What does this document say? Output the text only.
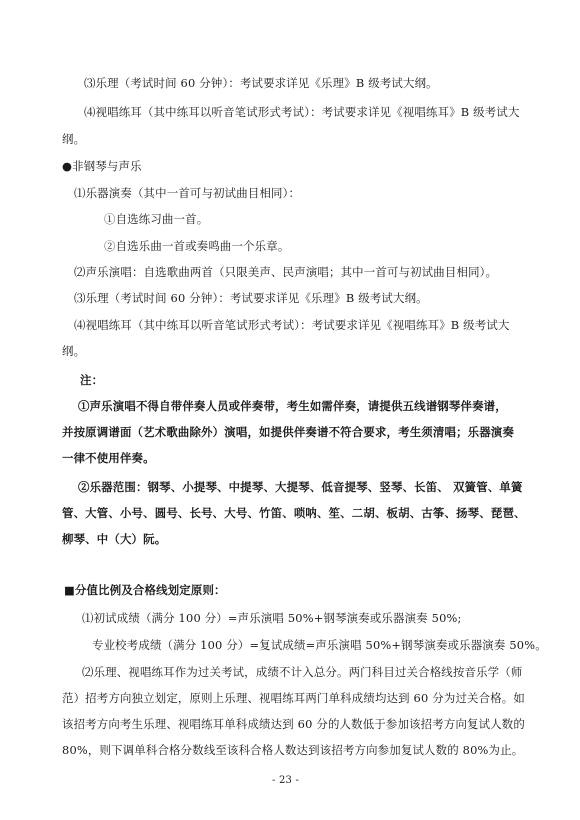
⑶乐理（考试时间 60 分钟）：考试要求详见《乐理》B 级考试大纲。
⑷视唱练耳（其中练耳以听音笔试形式考试）：考试要求详见《视唱练耳》B 级考试大
纲。
●非钢琴与声乐
⑴乐器演奏（其中一首可与初试曲目相同）：
①自选练习曲一首。
②自选乐曲一首或奏鸣曲一个乐章。
⑵声乐演唱：自选歌曲两首（只限美声、民声演唱；其中一首可与初试曲目相同）。
⑶乐理（考试时间 60 分钟）：考试要求详见《乐理》B 级考试大纲。
⑷视唱练耳（其中练耳以听音笔试形式考试）：考试要求详见《视唱练耳》B 级考试大
纲。
注：
①声乐演唱不得自带伴奏人员或伴奏带，考生如需伴奏，请提供五线谱钢琴伴奏谱，
并按原调谱面（艺术歌曲除外）演唱，如提供伴奏谱不符合要求，考生须清唱；乐器演奏
一律不使用伴奏。
②乐器范围：钢琴、小提琴、中提琴、大提琴、低音提琴、竖琴、长笛、 双簧管、单簧
管、大管、小号、圆号、长号、大号、竹笛、唢呐、笙、二胡、板胡、古筝、扬琴、琵琶、
柳琴、中（大）阮。
■分值比例及合格线划定原则：
⑴初试成绩（满分 100 分）=声乐演唱 50%+钢琴演奏或乐器演奏 50%;
专业校考成绩（满分 100 分）=复试成绩=声乐演唱 50%+钢琴演奏或乐器演奏 50%。
⑵乐理、视唱练耳作为过关考试，成绩不计入总分。两门科目过关合格线按音乐学（师
范）招考方向独立划定，原则上乐理、视唱练耳两门单科成绩均达到 60 分为过关合格。如
该招考方向考生乐理、视唱练耳单科成绩达到 60 分的人数低于参加该招考方向复试人数的
80%，则下调单科合格分数线至该科合格人数达到该招考方向参加复试人数的 80%为止。
- 23 -
